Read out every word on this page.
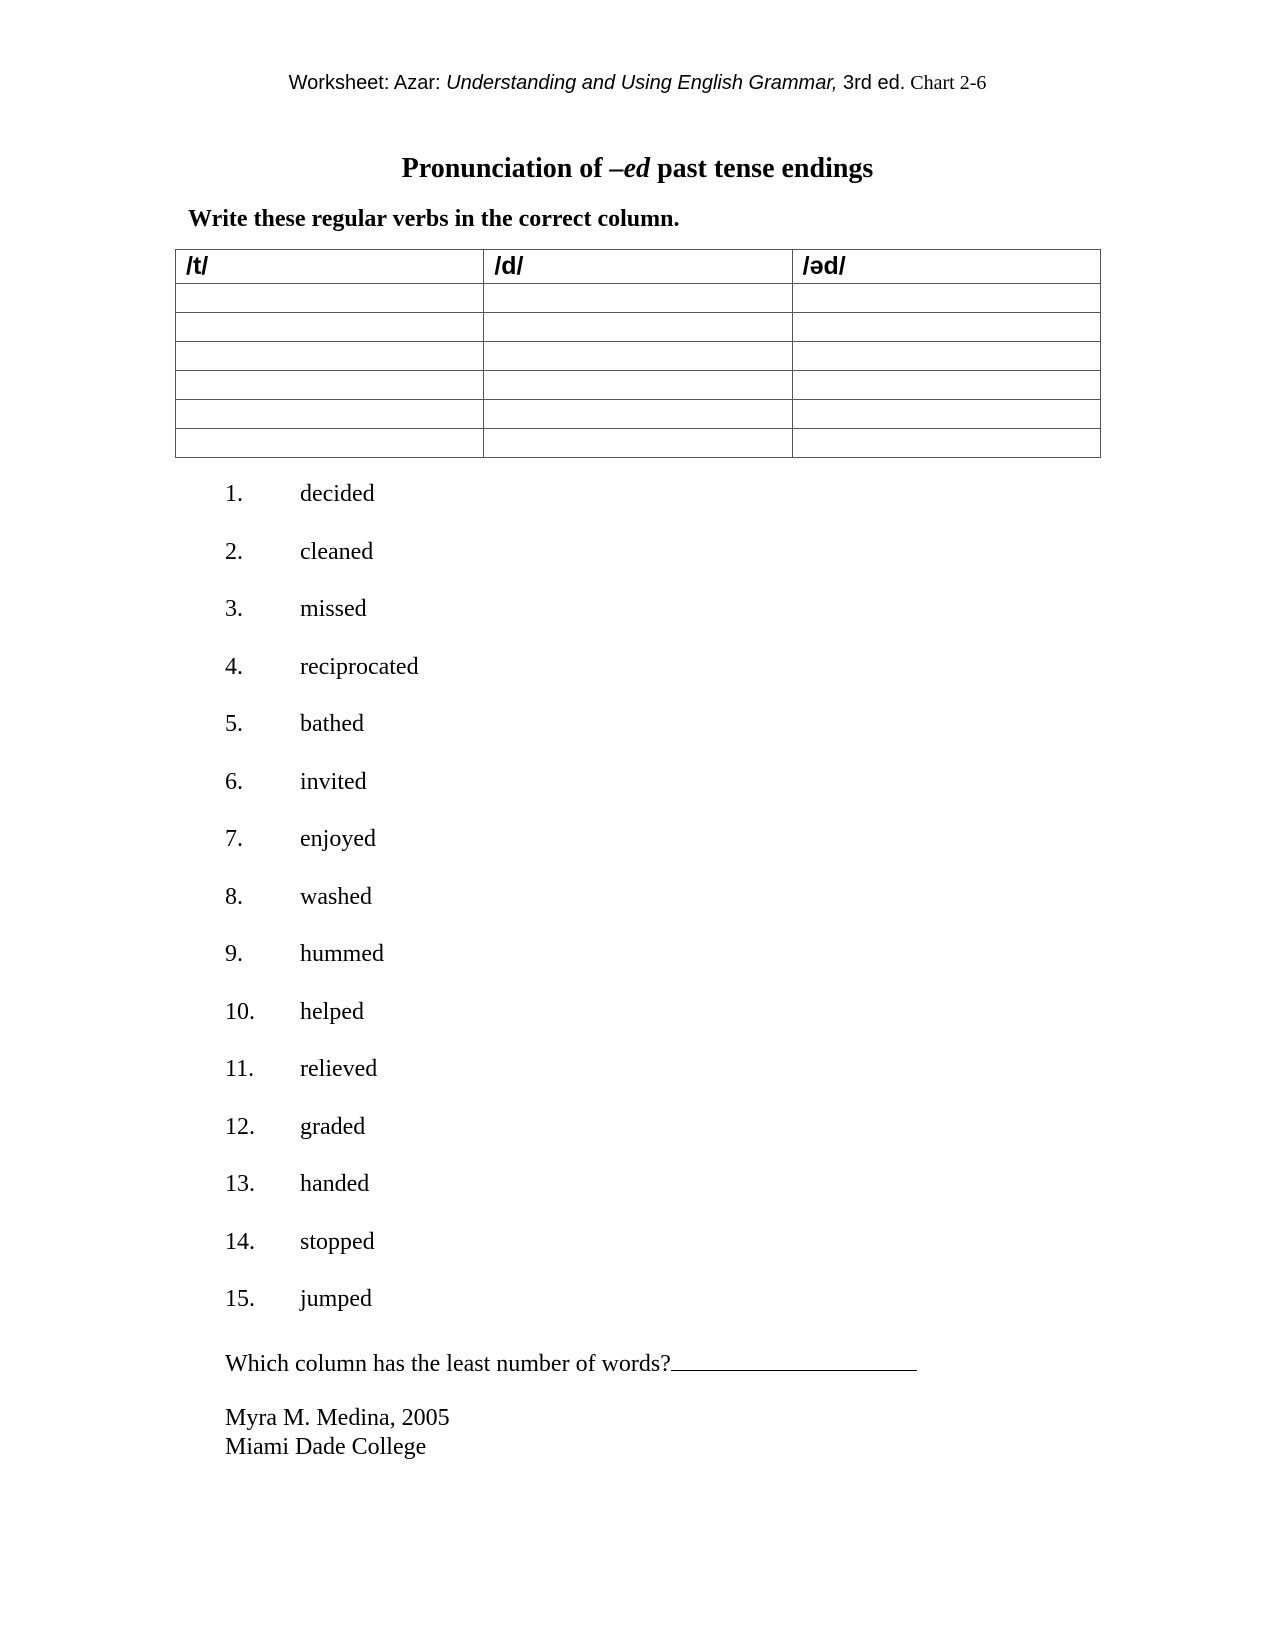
Worksheet: Azar: Understanding and Using English Grammar, 3rd ed. Chart 2-6
Pronunciation of –ed past tense endings
Write these regular verbs in the correct column.
/t/	/d/	/əd/

1. decided
2. cleaned
3. missed
4. reciprocated
5. bathed
6. invited
7. enjoyed
8. washed
9. hummed
10. helped
11. relieved
12. graded
13. handed
14. stopped
15. jumped
Which column has the least number of words?
Myra M. Medina, 2005
Miami Dade College
